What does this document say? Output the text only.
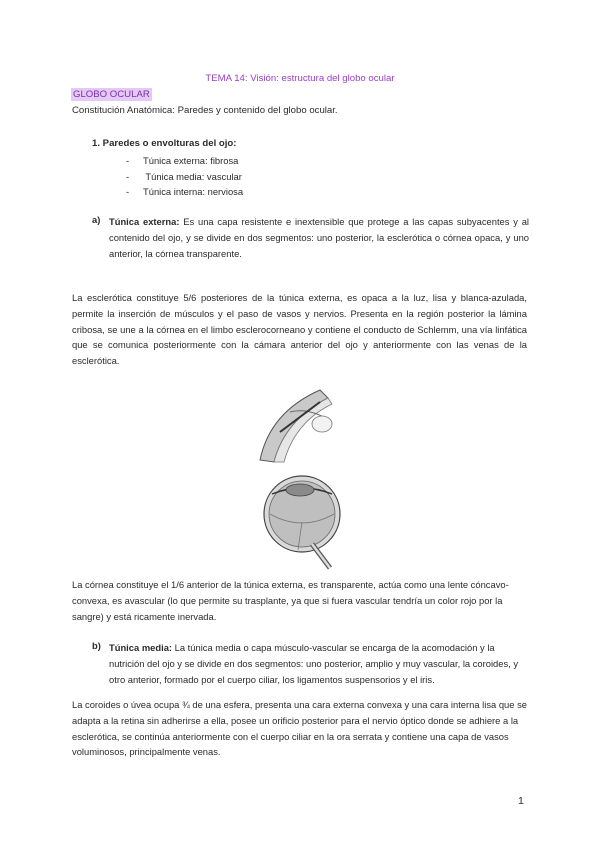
TEMA 14: Visión: estructura del globo ocular
GLOBO OCULAR
Constitución Anatómica: Paredes y contenido del globo ocular.
1. Paredes o envolturas del ojo:
- Túnica externa: fibrosa
- Túnica media: vascular
- Túnica interna: nerviosa
a) Túnica externa: Es una capa resistente e inextensible que protege a las capas subyacentes y al contenido del ojo, y se divide en dos segmentos: uno posterior, la esclerótica o córnea opaca, y uno anterior, la córnea transparente.

La esclerótica constituye 5/6 posteriores de la túnica externa, es opaca a la luz, lisa y blanca-azulada, permite la inserción de músculos y el paso de vasos y nervios. Presenta en la región posterior la lámina cribosa, se une a la córnea en el limbo esclerocorneano y contiene el conducto de Schlemm, una vía linfática que se comunica posteriormente con la cámara anterior del ojo y anteriormente con las venas de la esclerótica.

La córnea constituye el 1/6 anterior de la túnica externa, es transparente, actúa como una lente cóncavo-convexa, es avascular (lo que permite su trasplante, ya que si fuera vascular tendría un color rojo por la sangre) y está ricamente inervada.

b) Túnica media: La túnica media o capa músculo-vascular se encarga de la acomodación y la nutrición del ojo y se divide en dos segmentos: uno posterior, amplio y muy vascular, la coroides, y otro anterior, formado por el cuerpo ciliar, los ligamentos suspensorios y el iris.

La coroides o úvea ocupa ¾ de una esfera, presenta una cara externa convexa y una cara interna lisa que se adapta a la retina sin adherirse a ella, posee un orificio posterior para el nervio óptico donde se adhiere a la esclerótica, se continúa anteriormente con el cuerpo ciliar en la ora serrata y contiene una capa de vasos voluminosos, principalmente venas.

1
